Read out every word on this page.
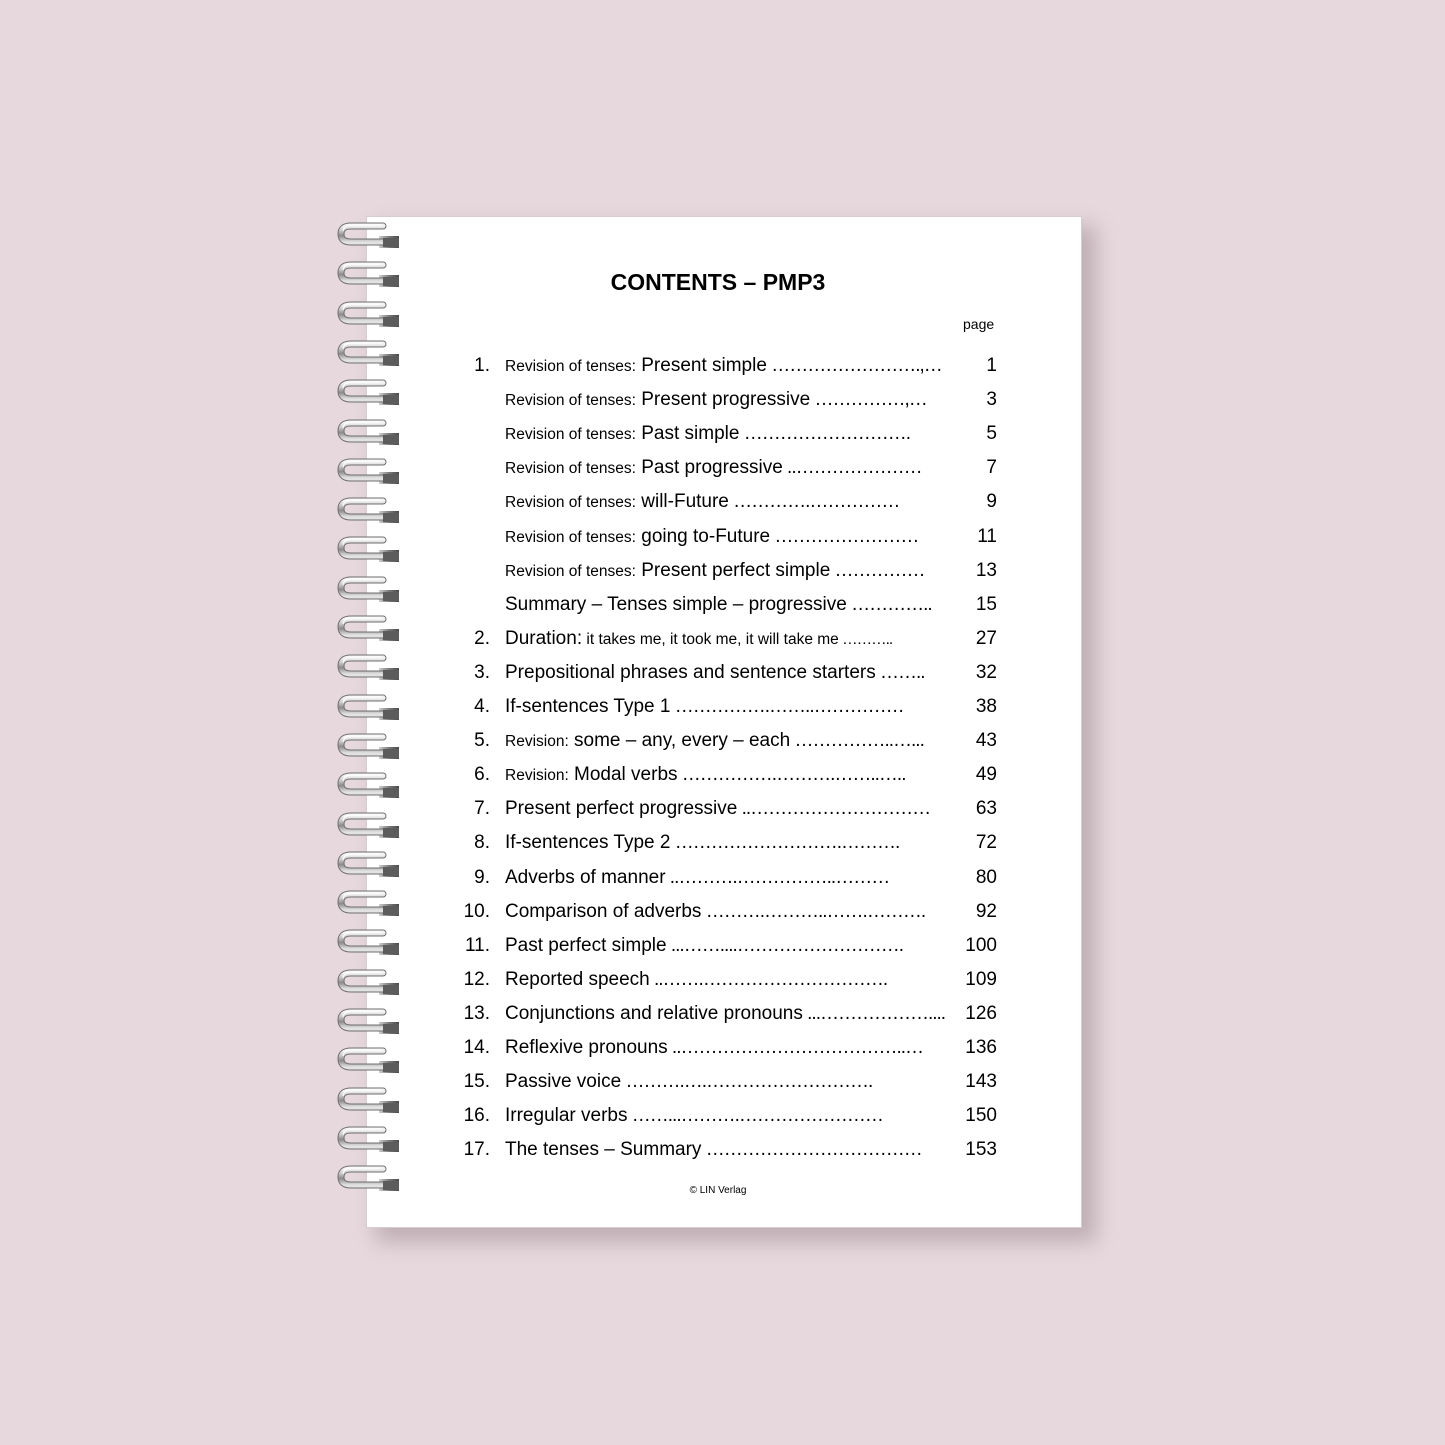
CONTENTS – PMP3
page
1. Revision of tenses: Present simple …………………….,… 1
Revision of tenses: Present progressive ……………,…	3
Revision of tenses: Past simple ……………………….	5
Revision of tenses: Past progressive ..…………………	7
Revision of tenses: will-Future ………….……………	9
Revision of tenses: going to-Future ……………………	11
Revision of tenses: Present perfect simple ……………	13
Summary – Tenses simple – progressive ………….. 15
2. Duration: it takes me, it took me, it will take me ………..	27
3. Prepositional phrases and sentence starters ……..	32
4. If-sentences Type 1 …………….……..……………	38
5. Revision: some – any, every – each ……………..…...	43
6. Revision: Modal verbs …………….……….……..…..	49
7. Present perfect progressive ..………………………… 63
8. If-sentences Type 2 ……………………….……….	72
9. Adverbs of manner ..……….……………..………	80
10. Comparison of adverbs ……….………..…….……….	92
11. Past perfect simple ...……....……………………….	100
12. Reported speech ..…….………………………….	109
13. Conjunctions and relative pronouns ...……………….... 126
14. Reflexive pronouns ..………………………………..… 136
15. Passive voice ……….….……………………….	143
16. Irregular verbs ……...……….……………………	150
17. The tenses – Summary ……………………………… 153
© LIN Verlag
